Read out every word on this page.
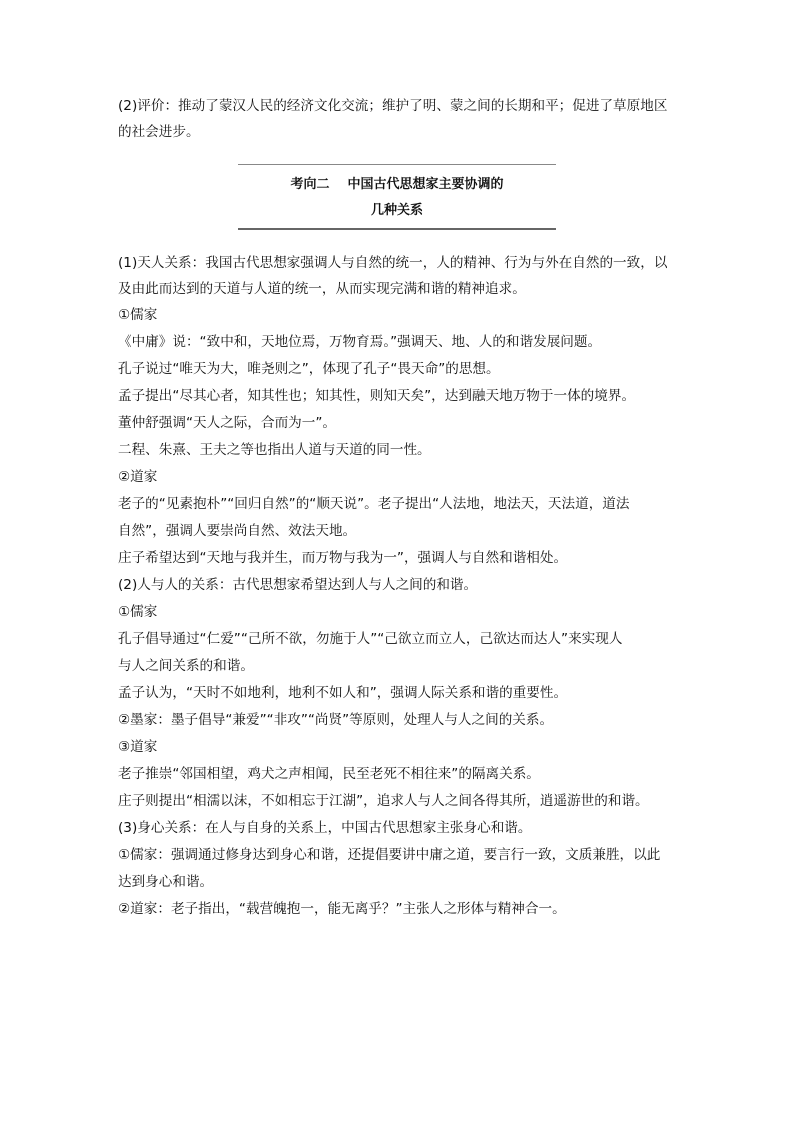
(2)评价：推动了蒙汉人民的经济文化交流；维护了明、蒙之间的长期和平；促进了草原地区

的社会进步。

考向二 中国古代思想家主要协调的
几种关系

(1)天人关系：我国古代思想家强调人与自然的统一，人的精神、行为与外在自然的一致，以

及由此而达到的天道与人道的统一，从而实现完满和谐的精神追求。

①儒家

《中庸》说：“致中和，天地位焉，万物育焉。”强调天、地、人的和谐发展问题。

孔子说过“唯天为大，唯尧则之”，体现了孔子“畏天命”的思想。

孟子提出“尽其心者，知其性也；知其性，则知天矣”，达到融天地万物于一体的境界。

董仲舒强调“天人之际，合而为一”。

二程、朱熹、王夫之等也指出人道与天道的同一性。

②道家

老子的“见素抱朴”“回归自然”的“顺天说”。老子提出“人法地，地法天，天法道，道法

自然”，强调人要崇尚自然、效法天地。

庄子希望达到“天地与我并生，而万物与我为一”，强调人与自然和谐相处。

(2)人与人的关系：古代思想家希望达到人与人之间的和谐。

①儒家

孔子倡导通过“仁爱”“己所不欲，勿施于人”“己欲立而立人，己欲达而达人”来实现人

与人之间关系的和谐。

孟子认为，“天时不如地利，地利不如人和”，强调人际关系和谐的重要性。

②墨家：墨子倡导“兼爱”“非攻”“尚贤”等原则，处理人与人之间的关系。

③道家

老子推崇“邻国相望，鸡犬之声相闻，民至老死不相往来”的隔离关系。

庄子则提出“相濡以沫，不如相忘于江湖”，追求人与人之间各得其所，逍遥游世的和谐。

(3)身心关系：在人与自身的关系上，中国古代思想家主张身心和谐。

①儒家：强调通过修身达到身心和谐，还提倡要讲中庸之道，要言行一致，文质兼胜，以此

达到身心和谐。

②道家：老子指出，“载营魄抱一，能无离乎？”主张人之形体与精神合一。
